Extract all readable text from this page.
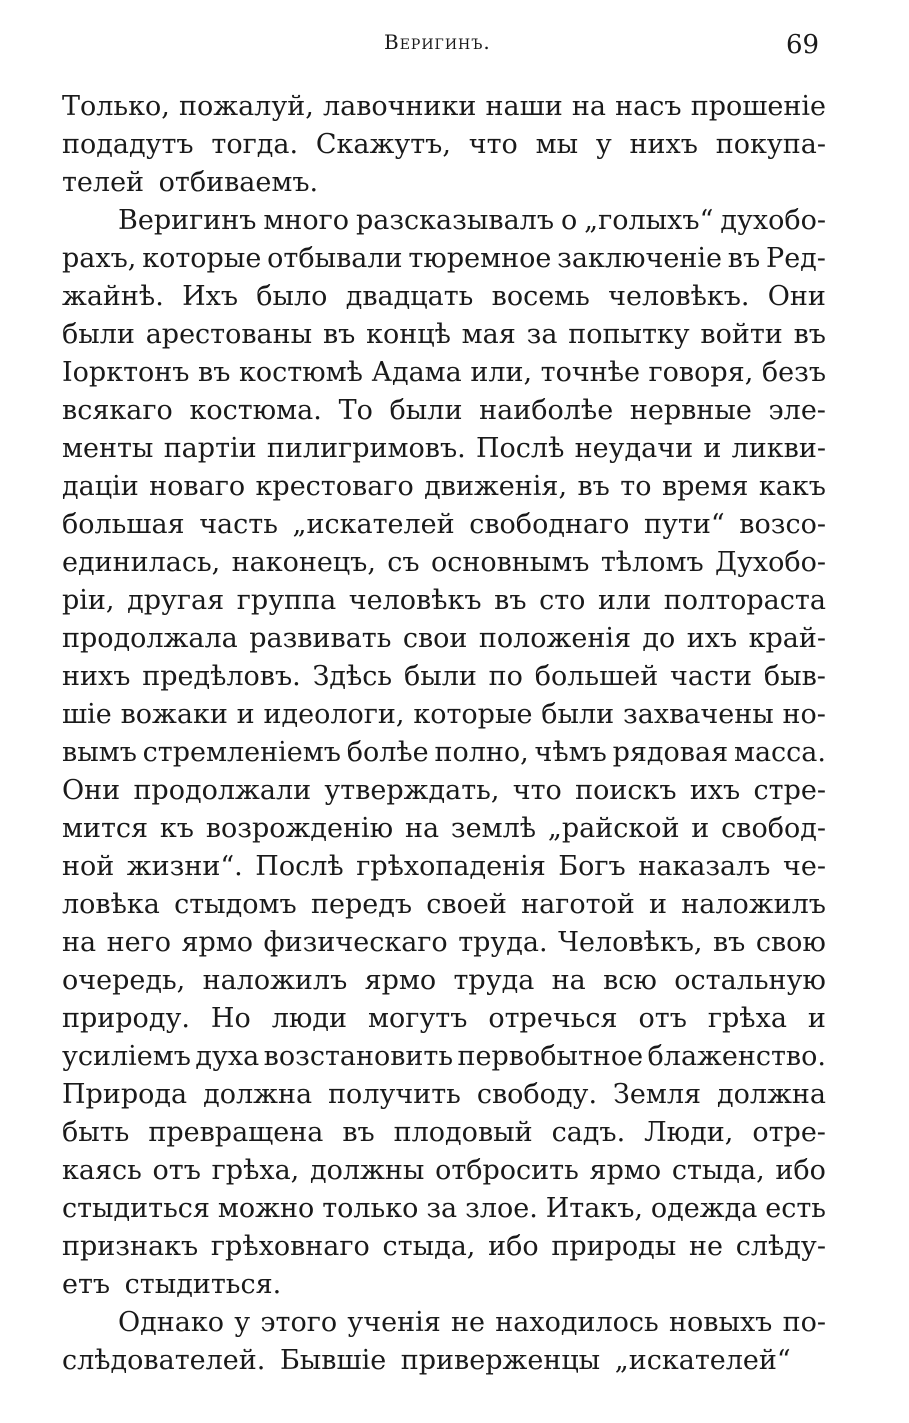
Веригинъ.	69
Только, пожалуй, лавочники наши на насъ прошеніе
подадутъ тогда. Скажутъ, что мы у нихъ покупа-
телей отбиваемъ.
Веригинъ много разсказывалъ о „голыхъ“ духобо-
рахъ, которые отбывали тюремное заключеніе въ Ред-
жайнѣ. Ихъ было двадцать восемь человѣкъ. Они
были арестованы въ концѣ мая за попытку войти въ
Іорктонъ въ костюмѣ Адама или, точнѣе говоря, безъ
всякаго костюма. То были наиболѣе нервные эле-
менты партіи пилигримовъ. Послѣ неудачи и ликви-
даціи новаго крестоваго движенія, въ то время какъ
большая часть „искателей свободнаго пути“ возсо-
единилась, наконецъ, съ основнымъ тѣломъ Духобо-
ріи, другая группа человѣкъ въ сто или полтораста
продолжала развивать свои положенія до ихъ край-
нихъ предѣловъ. Здѣсь были по большей части быв-
шіе вожаки и идеологи, которые были захвачены но-
вымъ стремленіемъ болѣе полно, чѣмъ рядовая масса.
Они продолжали утверждать, что поискъ ихъ стре-
мится къ возрожденію на землѣ „райской и свобод-
ной жизни“. Послѣ грѣхопаденія Богъ наказалъ че-
ловѣка стыдомъ передъ своей наготой и наложилъ
на него ярмо физическаго труда. Человѣкъ, въ свою
очередь, наложилъ ярмо труда на всю остальную
природу. Но люди могутъ отречься отъ грѣха и
усиліемъ духа возстановить первобытное блаженство.
Природа должна получить свободу. Земля должна
быть превращена въ плодовый садъ. Люди, отре-
каясь отъ грѣха, должны отбросить ярмо стыда, ибо
стыдиться можно только за злое. Итакъ, одежда есть
признакъ грѣховнаго стыда, ибо природы не слѣду-
етъ стыдиться.
Однако у этого ученія не находилось новыхъ по-
слѣдователей. Бывшіе приверженцы „искателей“
